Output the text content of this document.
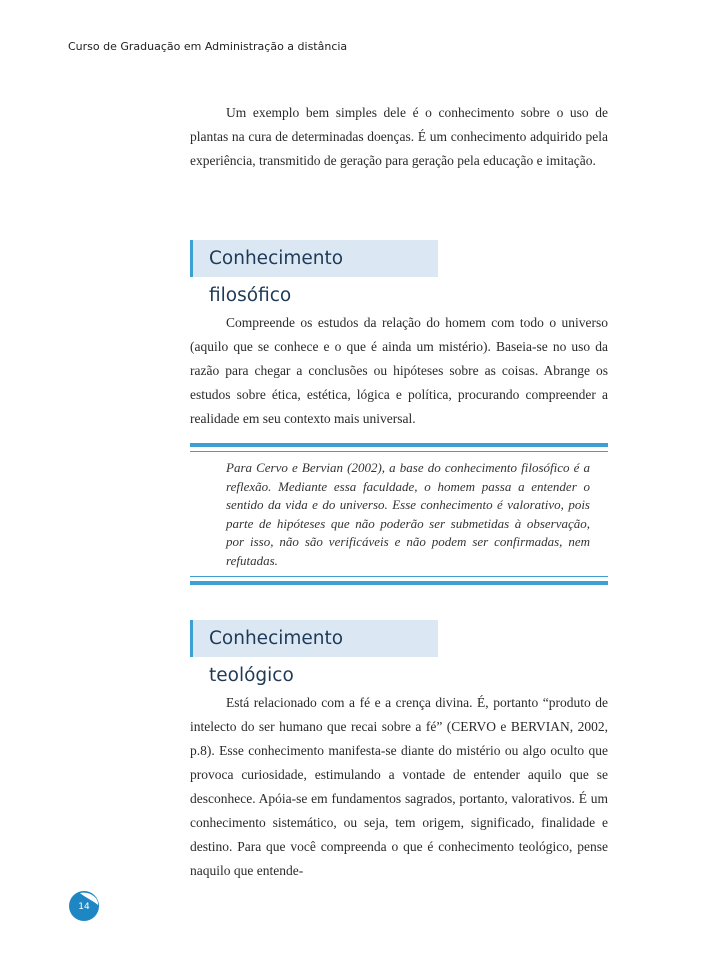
Curso de Graduação em Administração a distância

Um exemplo bem simples dele é o conhecimento sobre o uso de plantas na cura de determinadas doenças. É um conhecimento adquirido pela experiência, transmitido de geração para geração pela educação e imitação.

Conhecimento filosófico

Compreende os estudos da relação do homem com todo o universo (aquilo que se conhece e o que é ainda um mistério). Baseia-se no uso da razão para chegar a conclusões ou hipóteses sobre as coisas. Abrange os estudos sobre ética, estética, lógica e política, procurando compreender a realidade em seu contexto mais universal.

Para Cervo e Bervian (2002), a base do conhecimento filosófico é a reflexão. Mediante essa faculdade, o homem passa a entender o sentido da vida e do universo. Esse conhecimento é valorativo, pois parte de hipóteses que não poderão ser submetidas à observação, por isso, não são verificáveis e não podem ser confirmadas, nem refutadas.

Conhecimento teológico

Está relacionado com a fé e a crença divina. É, portanto “produto de intelecto do ser humano que recai sobre a fé” (CERVO e BERVIAN, 2002, p.8). Esse conhecimento manifesta-se diante do mistério ou algo oculto que provoca curiosidade, estimulando a vontade de entender aquilo que se desconhece. Apóia-se em fundamentos sagrados, portanto, valorativos. É um conhecimento sistemático, ou seja, tem origem, significado, finalidade e destino. Para que você compreenda o que é conhecimento teológico, pense naquilo que entende-

14
